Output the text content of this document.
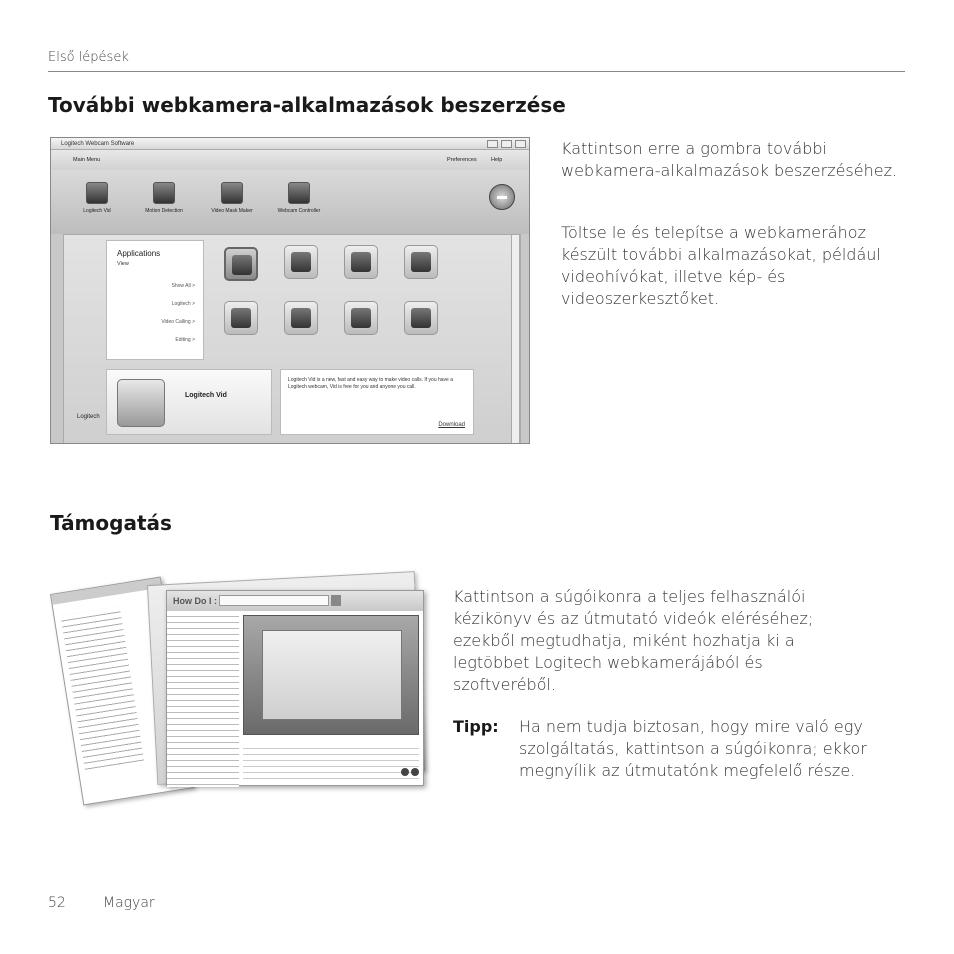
Első lépések
További webkamera-alkalmazások beszerzése
Logitech Webcam Software
Main Menu	Preferences	Help
Logitech Vid	Motion Detection	Video Mask Maker	Webcam Controller
Applications
View
Show All >
Logitech >
Video Calling >
Editing >
Logitech Vid
Logitech Vid is a new, fast and easy way to make video calls. If you have a Logitech webcam, Vid is free for you and anyone you call.
Download
Logitech
Kattintson erre a gombra további webkamera-alkalmazások beszerzéséhez.
Töltse le és telepítse a webkamerához készült további alkalmazásokat, például videohívókat, illetve kép- és videoszerkesztőket.
Támogatás
How Do I :	Kattintson a súgóikonra a teljes felhasználói kézikönyv és az útmutató videók eléréséhez; ezekből megtudhatja, miként hozhatja ki a legtöbbet Logitech webkamerájából és szoftveréből.
Tipp: Ha nem tudja biztosan, hogy mire való egy szolgáltatás, kattintson a súgóikonra; ekkor megnyílik az útmutatónk megfelelő része.
52	Magyar
